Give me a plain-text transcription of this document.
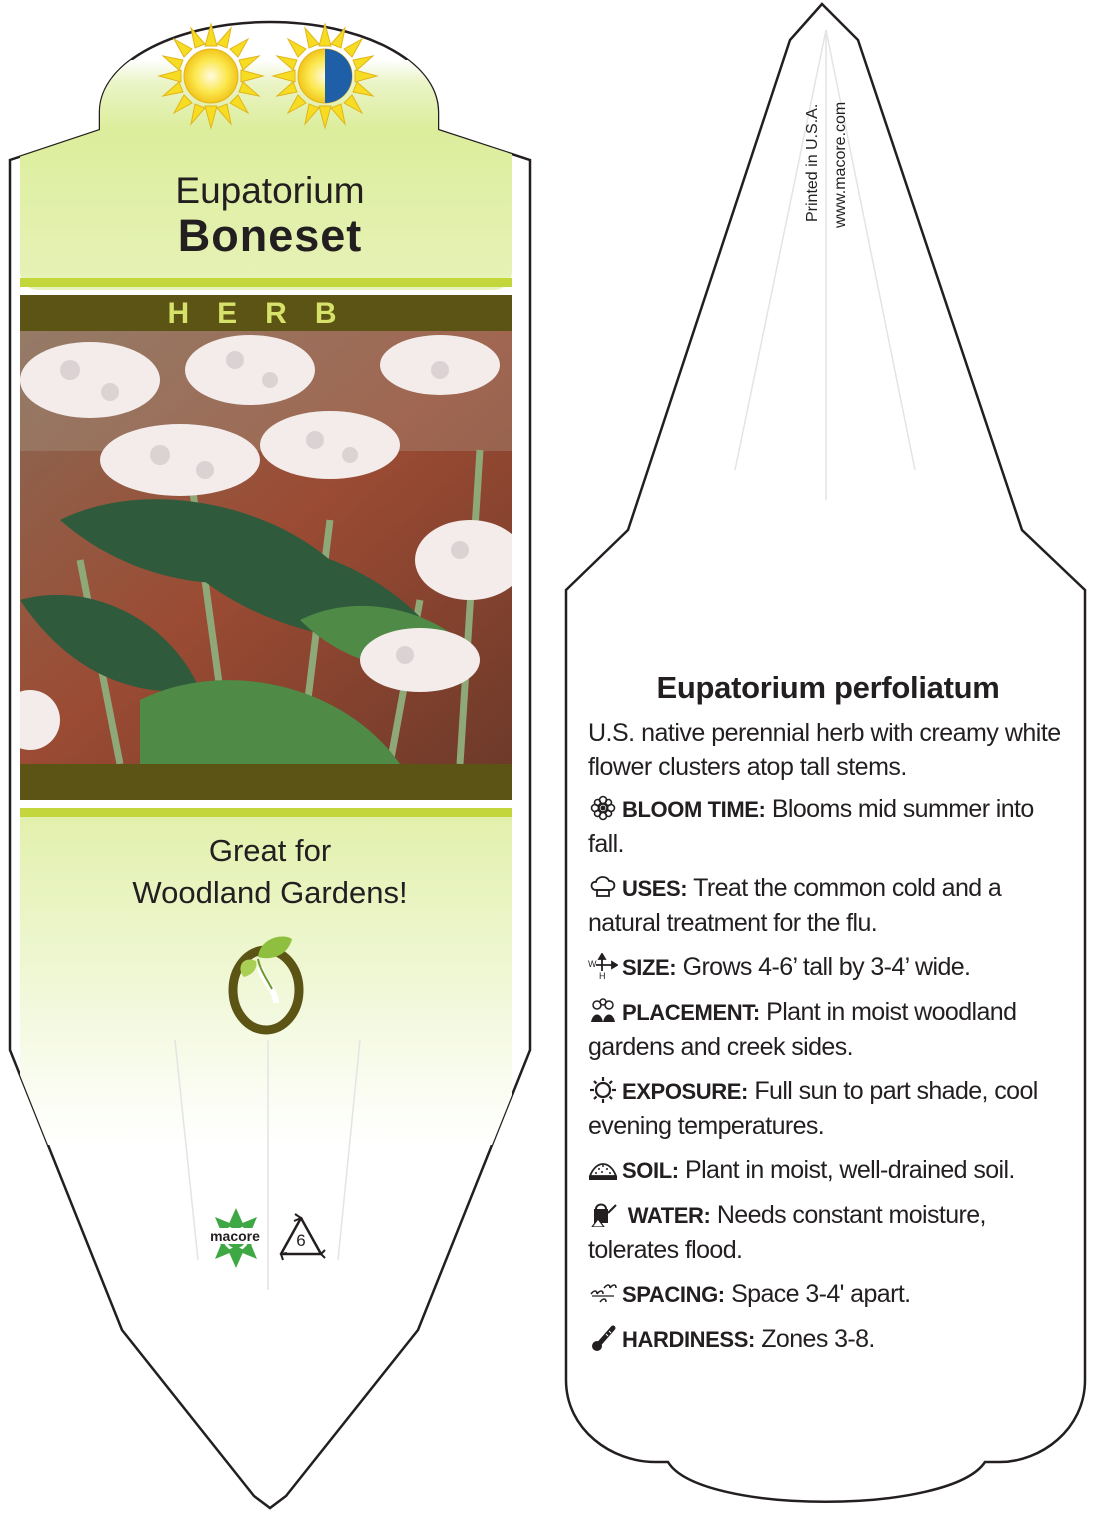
Eupatorium
Boneset
HERB
Great for
Woodland Gardens!
macore	6
Printed in U.S.A. www.macore.com
Eupatorium perfoliatum
U.S. native perennial herb with creamy white flower clusters atop tall stems.
BLOOM TIME: Blooms mid summer into fall.
USES: Treat the common cold and a natural treatment for the flu.
W
H SIZE: Grows 4-6’ tall by 3-4’ wide.
PLACEMENT: Plant in moist woodland gardens and creek sides.
EXPOSURE: Full sun to part shade, cool evening temperatures.
SOIL: Plant in moist, well-drained soil.
WATER: Needs constant moisture, tolerates flood.
SPACING: Space 3-4' apart.
HARDINESS: Zones 3-8.
